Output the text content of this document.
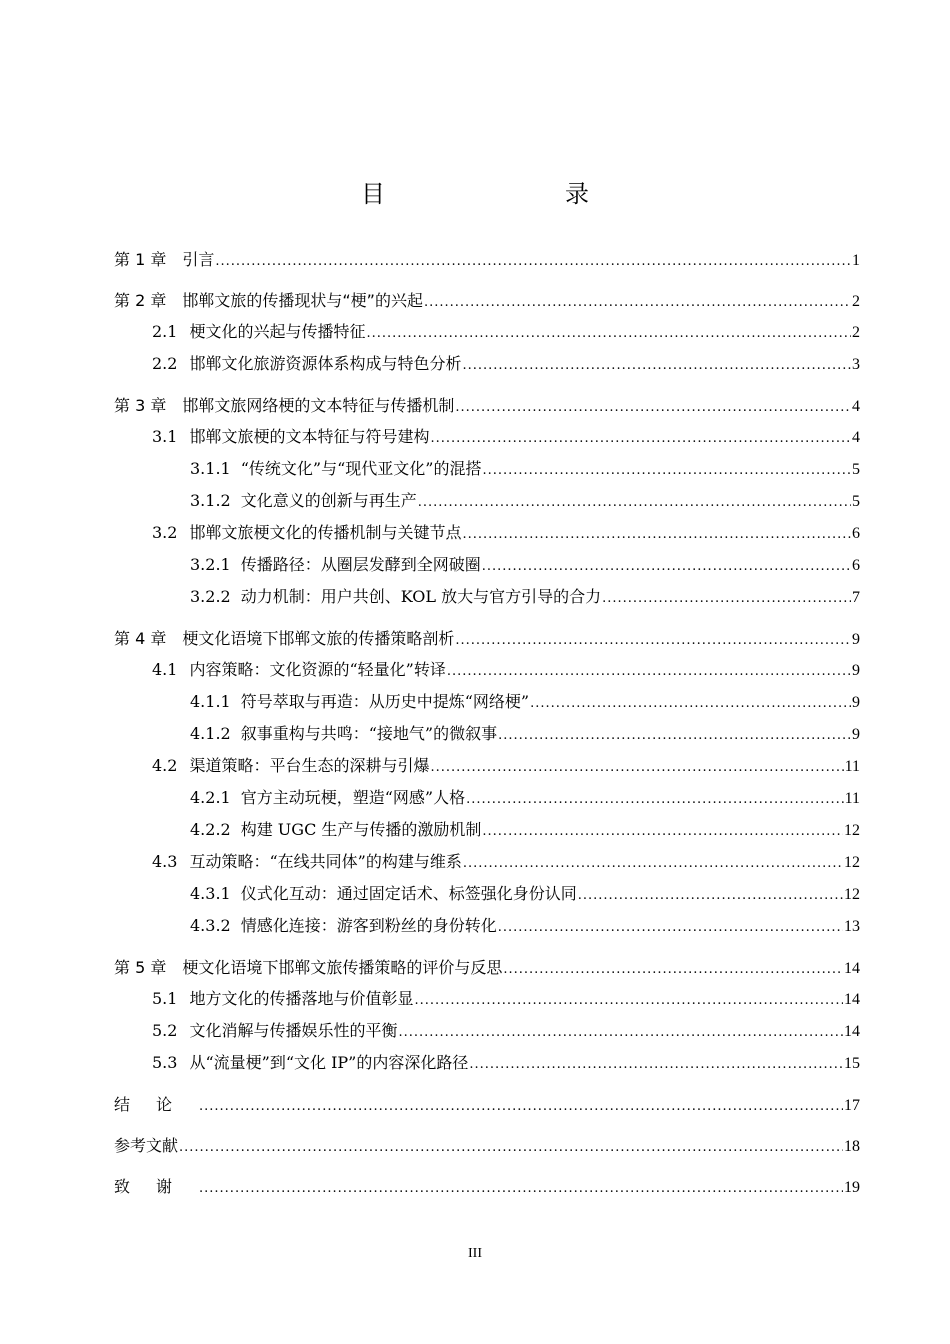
目　　录
第 1 章	引言 .....	1
第 2 章	邯郸文旅的传播现状与“梗”的兴起 .....	2
2.1 梗文化的兴起与传播特征 .....	2
2.2 邯郸文化旅游资源体系构成与特色分析 .....	3
第 3 章	邯郸文旅网络梗的文本特征与传播机制 .....	4
3.1 邯郸文旅梗的文本特征与符号建构 .....	4
3.1.1 “传统文化”与“现代亚文化”的混搭 .....	5
3.1.2 文化意义的创新与再生产 .....	5
3.2 邯郸文旅梗文化的传播机制与关键节点 .....	6
3.2.1 传播路径：从圈层发酵到全网破圈 .....	6
3.2.2 动力机制：用户共创、KOL 放大与官方引导的合力 .....	7
第 4 章	梗文化语境下邯郸文旅的传播策略剖析 .....	9
4.1 内容策略：文化资源的“轻量化”转译 .....	9
4.1.1 符号萃取与再造：从历史中提炼“网络梗” .....	9
4.1.2 叙事重构与共鸣：“接地气”的微叙事 .....	9
4.2 渠道策略：平台生态的深耕与引爆 .....	11
4.2.1 官方主动玩梗，塑造“网感”人格 .....	11
4.2.2 构建 UGC 生产与传播的激励机制 .....	12
4.3 互动策略：“在线共同体”的构建与维系 .....	12
4.3.1 仪式化互动：通过固定话术、标签强化身份认同 .....	12
4.3.2 情感化连接：游客到粉丝的身份转化 .....	13
第 5 章	梗文化语境下邯郸文旅传播策略的评价与反思 .....	14
5.1 地方文化的传播落地与价值彰显 .....	14
5.2 文化消解与传播娱乐性的平衡 .....	14
5.3 从“流量梗”到“文化 IP”的内容深化路径 .....	15
结论 .....	17
参考文献 .....	18
致谢 .....	19
III
